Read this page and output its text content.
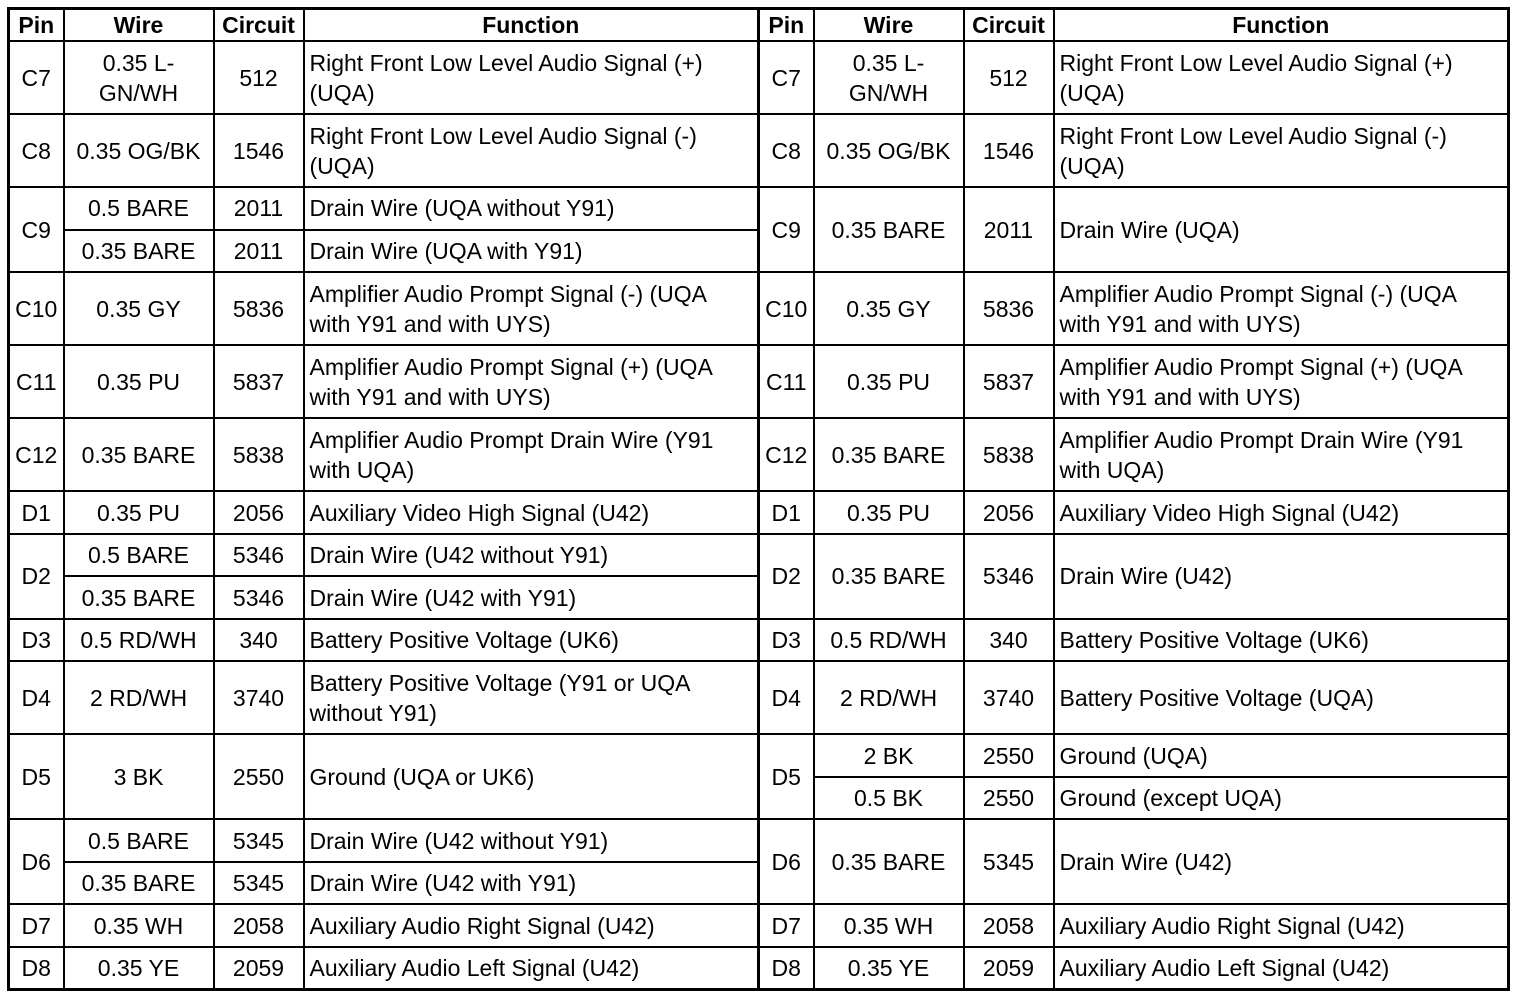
Pin	Wire	Circuit	Function	Pin	Wire	Circuit	Function
C7	0.35 L-GN/WH	512	Right Front Low Level Audio Signal (+) (UQA)	C7	0.35 L-GN/WH	512	Right Front Low Level Audio Signal (+) (UQA)
C8	0.35 OG/BK	1546	Right Front Low Level Audio Signal (-) (UQA)	C8	0.35 OG/BK	1546	Right Front Low Level Audio Signal (-) (UQA)
C9	0.5 BARE	2011	Drain Wire (UQA without Y91)	C9	0.35 BARE	2011	Drain Wire (UQA)
	0.35 BARE	2011	Drain Wire (UQA with Y91)				
C10	0.35 GY	5836	Amplifier Audio Prompt Signal (-) (UQA with Y91 and with UYS)	C10	0.35 GY	5836	Amplifier Audio Prompt Signal (-) (UQA with Y91 and with UYS)
C11	0.35 PU	5837	Amplifier Audio Prompt Signal (+) (UQA with Y91 and with UYS)	C11	0.35 PU	5837	Amplifier Audio Prompt Signal (+) (UQA with Y91 and with UYS)
C12	0.35 BARE	5838	Amplifier Audio Prompt Drain Wire (Y91 with UQA)	C12	0.35 BARE	5838	Amplifier Audio Prompt Drain Wire (Y91 with UQA)
D1	0.35 PU	2056	Auxiliary Video High Signal (U42)	D1	0.35 PU	2056	Auxiliary Video High Signal (U42)
D2	0.5 BARE	5346	Drain Wire (U42 without Y91)	D2	0.35 BARE	5346	Drain Wire (U42)
	0.35 BARE	5346	Drain Wire (U42 with Y91)				
D3	0.5 RD/WH	340	Battery Positive Voltage (UK6)	D3	0.5 RD/WH	340	Battery Positive Voltage (UK6)
D4	2 RD/WH	3740	Battery Positive Voltage (Y91 or UQA without Y91)	D4	2 RD/WH	3740	Battery Positive Voltage (UQA)
D5	3 BK	2550	Ground (UQA or UK6)	D5	2 BK	2550	Ground (UQA)
					0.5 BK	2550	Ground (except UQA)
D6	0.5 BARE	5345	Drain Wire (U42 without Y91)	D6	0.35 BARE	5345	Drain Wire (U42)
	0.35 BARE	5345	Drain Wire (U42 with Y91)				
D7	0.35 WH	2058	Auxiliary Audio Right Signal (U42)	D7	0.35 WH	2058	Auxiliary Audio Right Signal (U42)
D8	0.35 YE	2059	Auxiliary Audio Left Signal (U42)	D8	0.35 YE	2059	Auxiliary Audio Left Signal (U42)
